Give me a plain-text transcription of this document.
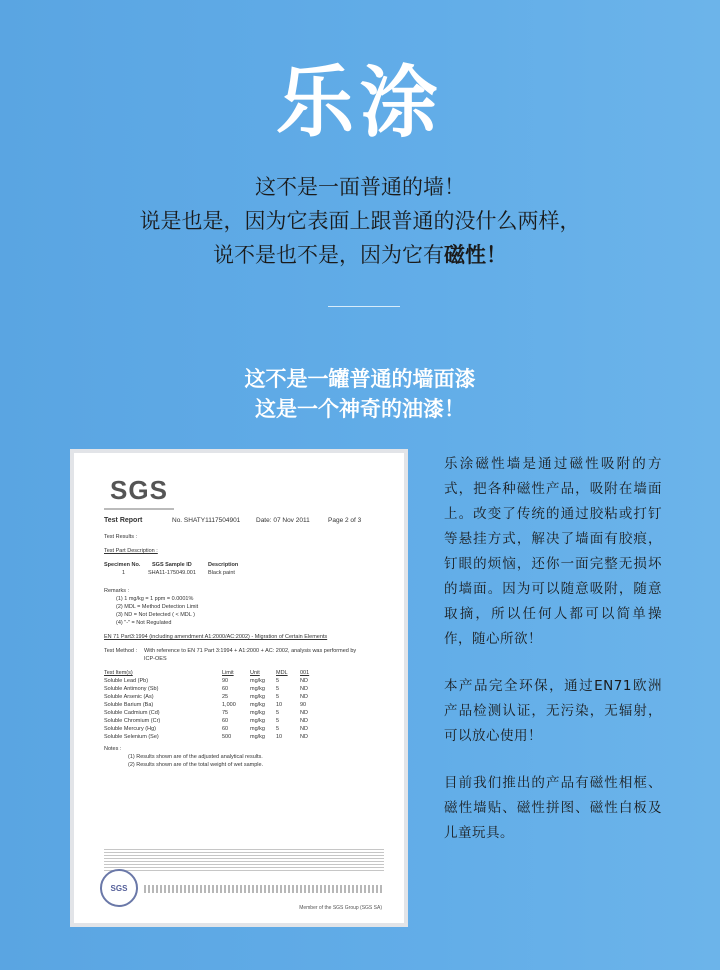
乐涂
这不是一面普通的墙！
说是也是，因为它表面上跟普通的没什么两样，
说不是也不是，因为它有磁性！
这不是一罐普通的墙面漆
这是一个神奇的油漆！
SGS
Test Report	No. SHATY1117504901 Date: 07 Nov 2011	Page 2 of 3
Test Results :
Test Part Description :
Specimen No. SGS Sample ID	Description
1	SHA11-175049.001 Black paint
Remarks :
(1) 1 mg/kg = 1 ppm = 0.0001%
(2) MDL = Method Detection Limit
(3) ND = Not Detected ( < MDL )
(4) "-" = Not Regulated
EN 71 Part3:1994 (including amendment A1:2000/AC:2002) - Migration of Certain Elements
Test Method : With reference to EN 71 Part 3:1994 + A1:2000 + AC: 2002, analysis was performed by
ICP-OES
Test Item(s)	Limit	Unit	MDL 001
Soluble Lead (Pb)	90	mg/kg 5	ND
Soluble Antimony (Sb)	60	mg/kg 5	ND
Soluble Arsenic (As)	25	mg/kg 5	ND
Soluble Barium (Ba)	1,000	mg/kg 10	90
Soluble Cadmium (Cd)	75	mg/kg 5	ND
Soluble Chromium (Cr)	60	mg/kg 5	ND
Soluble Mercury (Hg)	60	mg/kg 5	ND
Soluble Selenium (Se)	500	mg/kg 10	ND
Notes :
(1) Results shown are of the adjusted analytical results.
(2) Results shown are of the total weight of wet sample.
SGS
Member of the SGS Group (SGS SA)

乐涂磁性墙是通过磁性吸附的方式，把各种磁性产品，吸附在墙面上。改变了传统的通过胶粘或打钉等悬挂方式，解决了墙面有胶痕，钉眼的烦恼，还你一面完整无损坏的墙面。因为可以随意吸附，随意取摘，所以任何人都可以简单操作，随心所欲！

本产品完全环保，通过EN71欧洲产品检测认证，无污染，无辐射，可以放心使用！

目前我们推出的产品有磁性相框、磁性墙贴、磁性拼图、磁性白板及儿童玩具。
